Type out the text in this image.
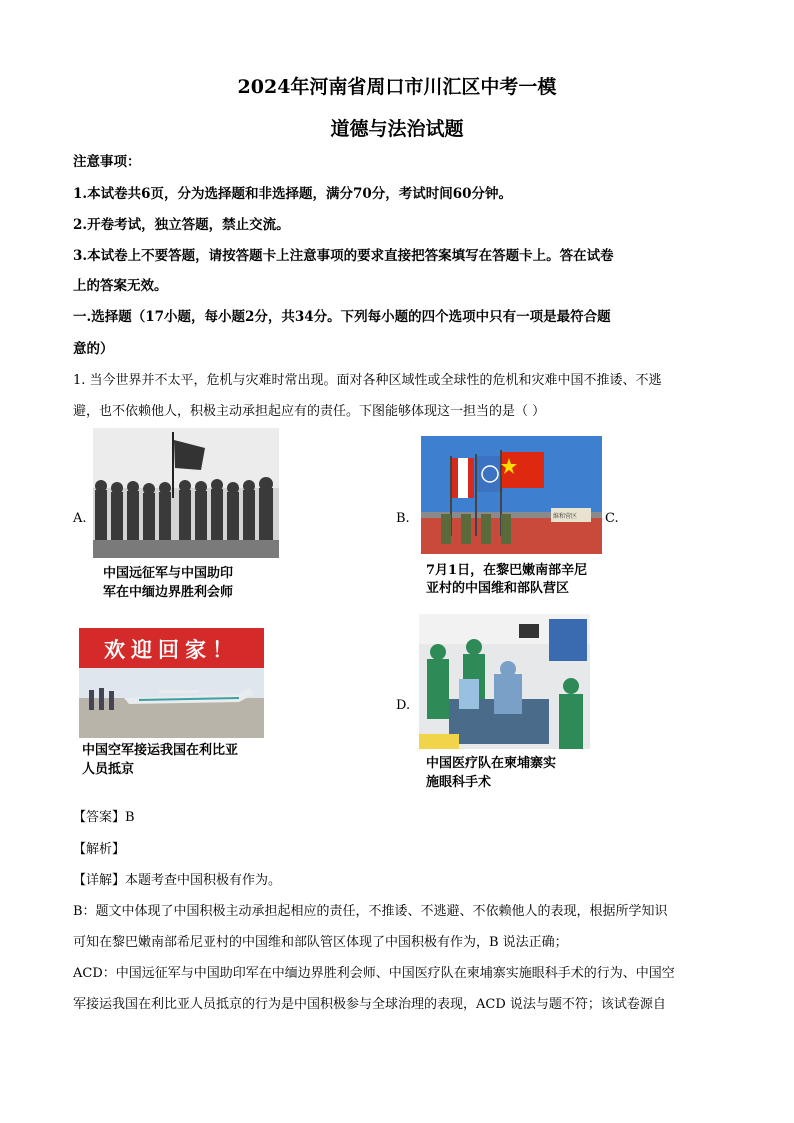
2024年河南省周口市川汇区中考一模
道德与法治试题
注意事项：
1.本试卷共6页，分为选择题和非选择题，满分70分，考试时间60分钟。
2.开卷考试，独立答题，禁止交流。
3.本试卷上不要答题，请按答题卡上注意事项的要求直接把答案填写在答题卡上。答在试卷
上的答案无效。
一.选择题（17小题，每小题2分，共34分。下列每小题的四个选项中只有一项是最符合题
意的）
1. 当今世界并不太平，危机与灾难时常出现。面对各种区域性或全球性的危机和灾难中国不推诿、不逃
避，也不依赖他人，积极主动承担起应有的责任。下图能够体现这一担当的是（ ）
A.
中国远征军与中国助印
军在中缅边界胜利会师
B.	维和营区 C.
7月1日，在黎巴嫩南部辛尼
亚村的中国维和部队营区
欢迎回家！
中国空军接运我国在利比亚
人员抵京
D.
中国医疗队在柬埔寨实
施眼科手术
【答案】B
【解析】
【详解】本题考查中国积极有作为。
B：题文中体现了中国积极主动承担起相应的责任，不推诿、不逃避、不依赖他人的表现，根据所学知识
可知在黎巴嫩南部希尼亚村的中国维和部队管区体现了中国积极有作为，B 说法正确；
ACD：中国远征军与中国助印军在中缅边界胜利会师、中国医疗队在柬埔寨实施眼科手术的行为、中国空
军接运我国在利比亚人员抵京的行为是中国积极参与全球治理的表现，ACD 说法与题不符；该试卷源自
